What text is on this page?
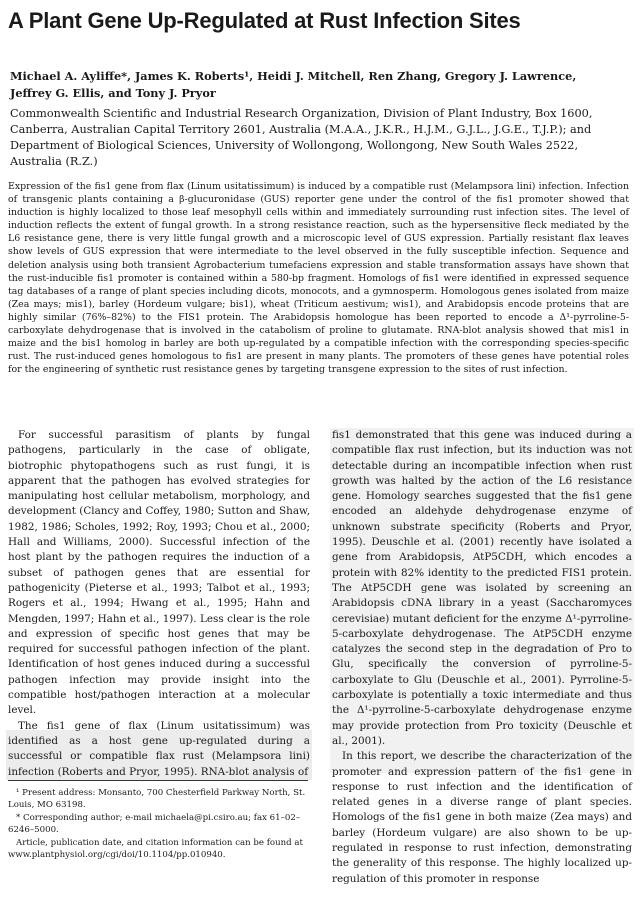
A Plant Gene Up-Regulated at Rust Infection Sites
Michael A. Ayliffe*, James K. Roberts¹, Heidi J. Mitchell, Ren Zhang, Gregory J. Lawrence,
Jeffrey G. Ellis, and Tony J. Pryor
Commonwealth Scientific and Industrial Research Organization, Division of Plant Industry, Box 1600, Canberra, Australian Capital Territory 2601, Australia (M.A.A., J.K.R., H.J.M., G.J.L., J.G.E., T.J.P.); and Department of Biological Sciences, University of Wollongong, Wollongong, New South Wales 2522, Australia (R.Z.)

Expression of the fis1 gene from flax (Linum usitatissimum) is induced by a compatible rust (Melampsora lini) infection. Infection of transgenic plants containing a β-glucuronidase (GUS) reporter gene under the control of the fis1 promoter showed that induction is highly localized to those leaf mesophyll cells within and immediately surrounding rust infection sites. The level of induction reflects the extent of fungal growth. In a strong resistance reaction, such as the hypersensitive fleck mediated by the L6 resistance gene, there is very little fungal growth and a microscopic level of GUS expression. Partially resistant flax leaves show levels of GUS expression that were intermediate to the level observed in the fully susceptible infection. Sequence and deletion analysis using both transient Agrobacterium tumefaciens expression and stable transformation assays have shown that the rust-inducible fis1 promoter is contained within a 580-bp fragment. Homologs of fis1 were identified in expressed sequence tag databases of a range of plant species including dicots, monocots, and a gymnosperm. Homologous genes isolated from maize (Zea mays; mis1), barley (Hordeum vulgare; bis1), wheat (Triticum aestivum; wis1), and Arabidopsis encode proteins that are highly similar (76%–82%) to the FIS1 protein. The Arabidopsis homologue has been reported to encode a Δ¹-pyrroline-5-carboxylate dehydrogenase that is involved in the catabolism of proline to glutamate. RNA-blot analysis showed that mis1 in maize and the bis1 homolog in barley are both up-regulated by a compatible infection with the corresponding species-specific rust. The rust-induced genes homologous to fis1 are present in many plants. The promoters of these genes have potential roles for the engineering of synthetic rust resistance genes by targeting transgene expression to the sites of rust infection.

For successful parasitism of plants by fungal pathogens, particularly in the case of obligate, biotrophic phytopathogens such as rust fungi, it is apparent that the pathogen has evolved strategies for manipulating host cellular metabolism, morphology, and development (Clancy and Coffey, 1980; Sutton and Shaw, 1982, 1986; Scholes, 1992; Roy, 1993; Chou et al., 2000; Hall and Williams, 2000). Successful infection of the host plant by the pathogen requires the induction of a subset of pathogen genes that are essential for pathogenicity (Pieterse et al., 1993; Talbot et al., 1993; Rogers et al., 1994; Hwang et al., 1995; Hahn and Mengden, 1997; Hahn et al., 1997). Less clear is the role and expression of specific host genes that may be required for successful pathogen infection of the plant. Identification of host genes induced during a successful pathogen infection may provide insight into the compatible host/pathogen interaction at a molecular level.

The fis1 gene of flax (Linum usitatissimum) was identified as a host gene up-regulated during a successful or compatible flax rust (Melampsora lini) infection (Roberts and Pryor, 1995). RNA-blot analysis of

¹ Present address: Monsanto, 700 Chesterfield Parkway North, St. Louis, MO 63198.

* Corresponding author; e-mail michaela@pi.csiro.au; fax 61–02–6246–5000.

Article, publication date, and citation information can be found at www.plantphysiol.org/cgi/doi/10.1104/pp.010940.

fis1 demonstrated that this gene was induced during a compatible flax rust infection, but its induction was not detectable during an incompatible infection when rust growth was halted by the action of the L6 resistance gene. Homology searches suggested that the fis1 gene encoded an aldehyde dehydrogenase enzyme of unknown substrate specificity (Roberts and Pryor, 1995). Deuschle et al. (2001) recently have isolated a gene from Arabidopsis, AtP5CDH, which encodes a protein with 82% identity to the predicted FIS1 protein. The AtP5CDH gene was isolated by screening an Arabidopsis cDNA library in a yeast (Saccharomyces cerevisiae) mutant deficient for the enzyme Δ¹-pyrroline-5-carboxylate dehydrogenase. The AtP5CDH enzyme catalyzes the second step in the degradation of Pro to Glu, specifically the conversion of pyrroline-5-carboxylate to Glu (Deuschle et al., 2001). Pyrroline-5-carboxylate is potentially a toxic intermediate and thus the Δ¹-pyrroline-5-carboxylate dehydrogenase enzyme may provide protection from Pro toxicity (Deuschle et al., 2001).

In this report, we describe the characterization of the promoter and expression pattern of the fis1 gene in response to rust infection and the identification of related genes in a diverse range of plant species. Homologs of the fis1 gene in both maize (Zea mays) and barley (Hordeum vulgare) are also shown to be up-regulated in response to rust infection, demonstrating the generality of this response. The highly localized up-regulation of this promoter in response
